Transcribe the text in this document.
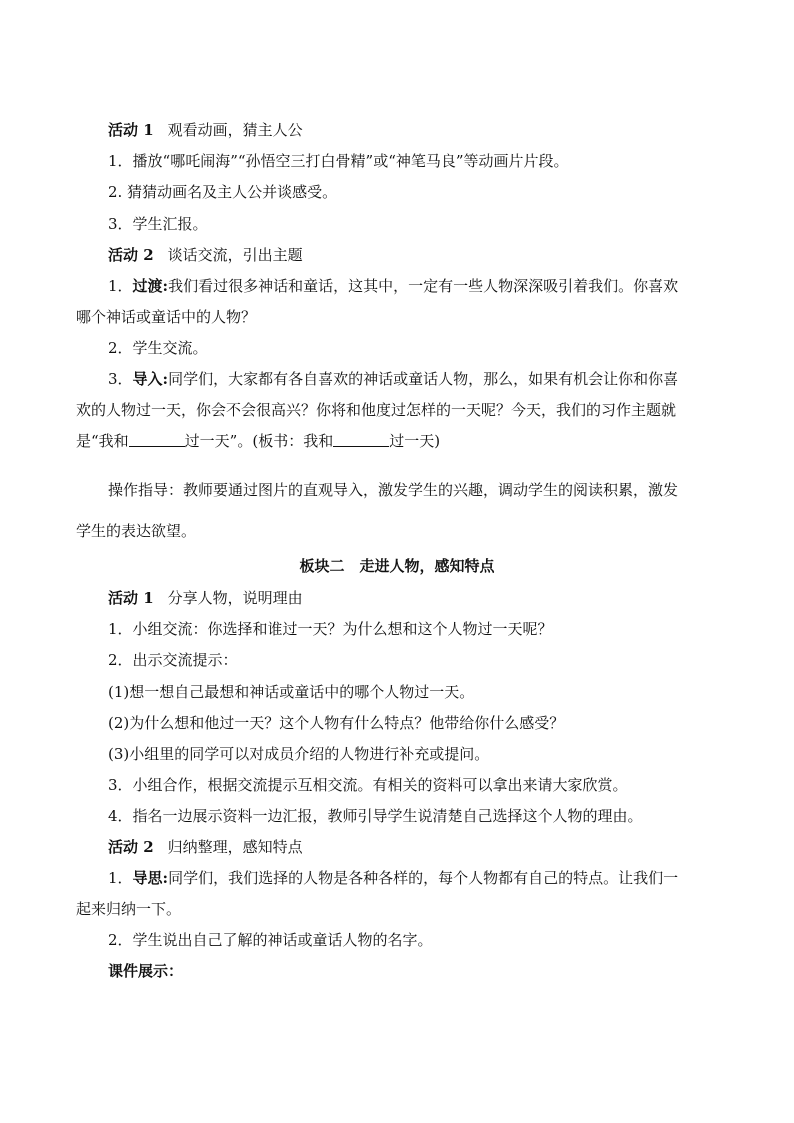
活动 1 观看动画，猜主人公
1．播放“哪吒闹海”“孙悟空三打白骨精”或“神笔马良”等动画片片段。
2. 猜猜动画名及主人公并谈感受。
3．学生汇报。
活动 2 谈话交流，引出主题
1．过渡:我们看过很多神话和童话，这其中，一定有一些人物深深吸引着我们。你喜欢
哪个神话或童话中的人物？
2．学生交流。
3．导入:同学们，大家都有各自喜欢的神话或童话人物，那么，如果有机会让你和你喜
欢的人物过一天，你会不会很高兴？你将和他度过怎样的一天呢？今天，我们的习作主题就
是“我和	过一天”。(板书：我和	过一天)
操作指导：教师要通过图片的直观导入，激发学生的兴趣，调动学生的阅读积累，激发
学生的表达欲望。
板块二　走进人物，感知特点
活动 1 分享人物，说明理由
1．小组交流：你选择和谁过一天？为什么想和这个人物过一天呢？
2．出示交流提示：
(1)想一想自己最想和神话或童话中的哪个人物过一天。
(2)为什么想和他过一天？这个人物有什么特点？他带给你什么感受？
(3)小组里的同学可以对成员介绍的人物进行补充或提问。
3．小组合作，根据交流提示互相交流。有相关的资料可以拿出来请大家欣赏。
4．指名一边展示资料一边汇报，教师引导学生说清楚自己选择这个人物的理由。
活动 2 归纳整理，感知特点
1．导思:同学们，我们选择的人物是各种各样的，每个人物都有自己的特点。让我们一
起来归纳一下。
2．学生说出自己了解的神话或童话人物的名字。
课件展示：
